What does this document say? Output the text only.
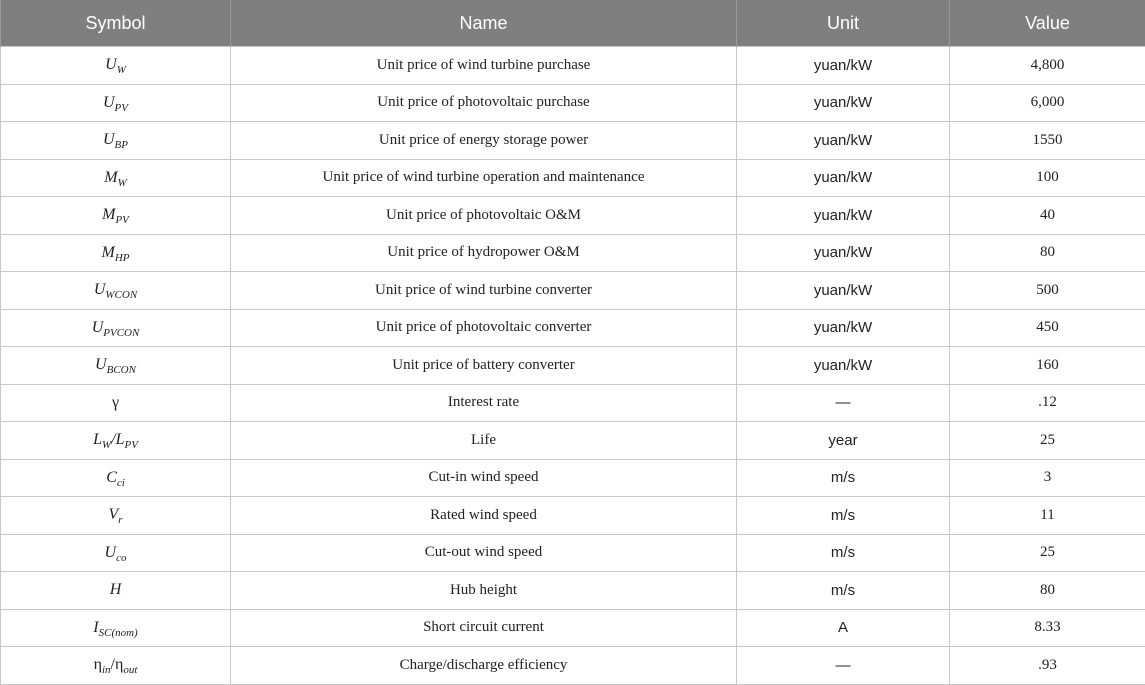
Symbol	Name	Unit	Value
$U_W$	Unit price of wind turbine purchase	yuan/kW	4,800
$U_{PV}$	Unit price of photovoltaic purchase	yuan/kW	6,000
$U_{BP}$	Unit price of energy storage power	yuan/kW	1550
$M_W$	Unit price of wind turbine operation and maintenance	yuan/kW	100
$M_{PV}$	Unit price of photovoltaic O&M	yuan/kW	40
$M_{HP}$	Unit price of hydropower O&M	yuan/kW	80
$U_{WCON}$	Unit price of wind turbine converter	yuan/kW	500
$U_{PVCON}$	Unit price of photovoltaic converter	yuan/kW	450
$U_{BCON}$	Unit price of battery converter	yuan/kW	160
γ	Interest rate	—	.12
$L_W/L_{PV}$	Life	year	25
$C_{ci}$	Cut-in wind speed	m/s	3
$V_r$	Rated wind speed	m/s	11
$U_{co}$	Cut-out wind speed	m/s	25
H	Hub height	m/s	80
$I_{SC(nom)}$	Short circuit current	A	8.33
$\eta_{in}/\eta_{out}$	Charge/discharge efficiency	—	.93
